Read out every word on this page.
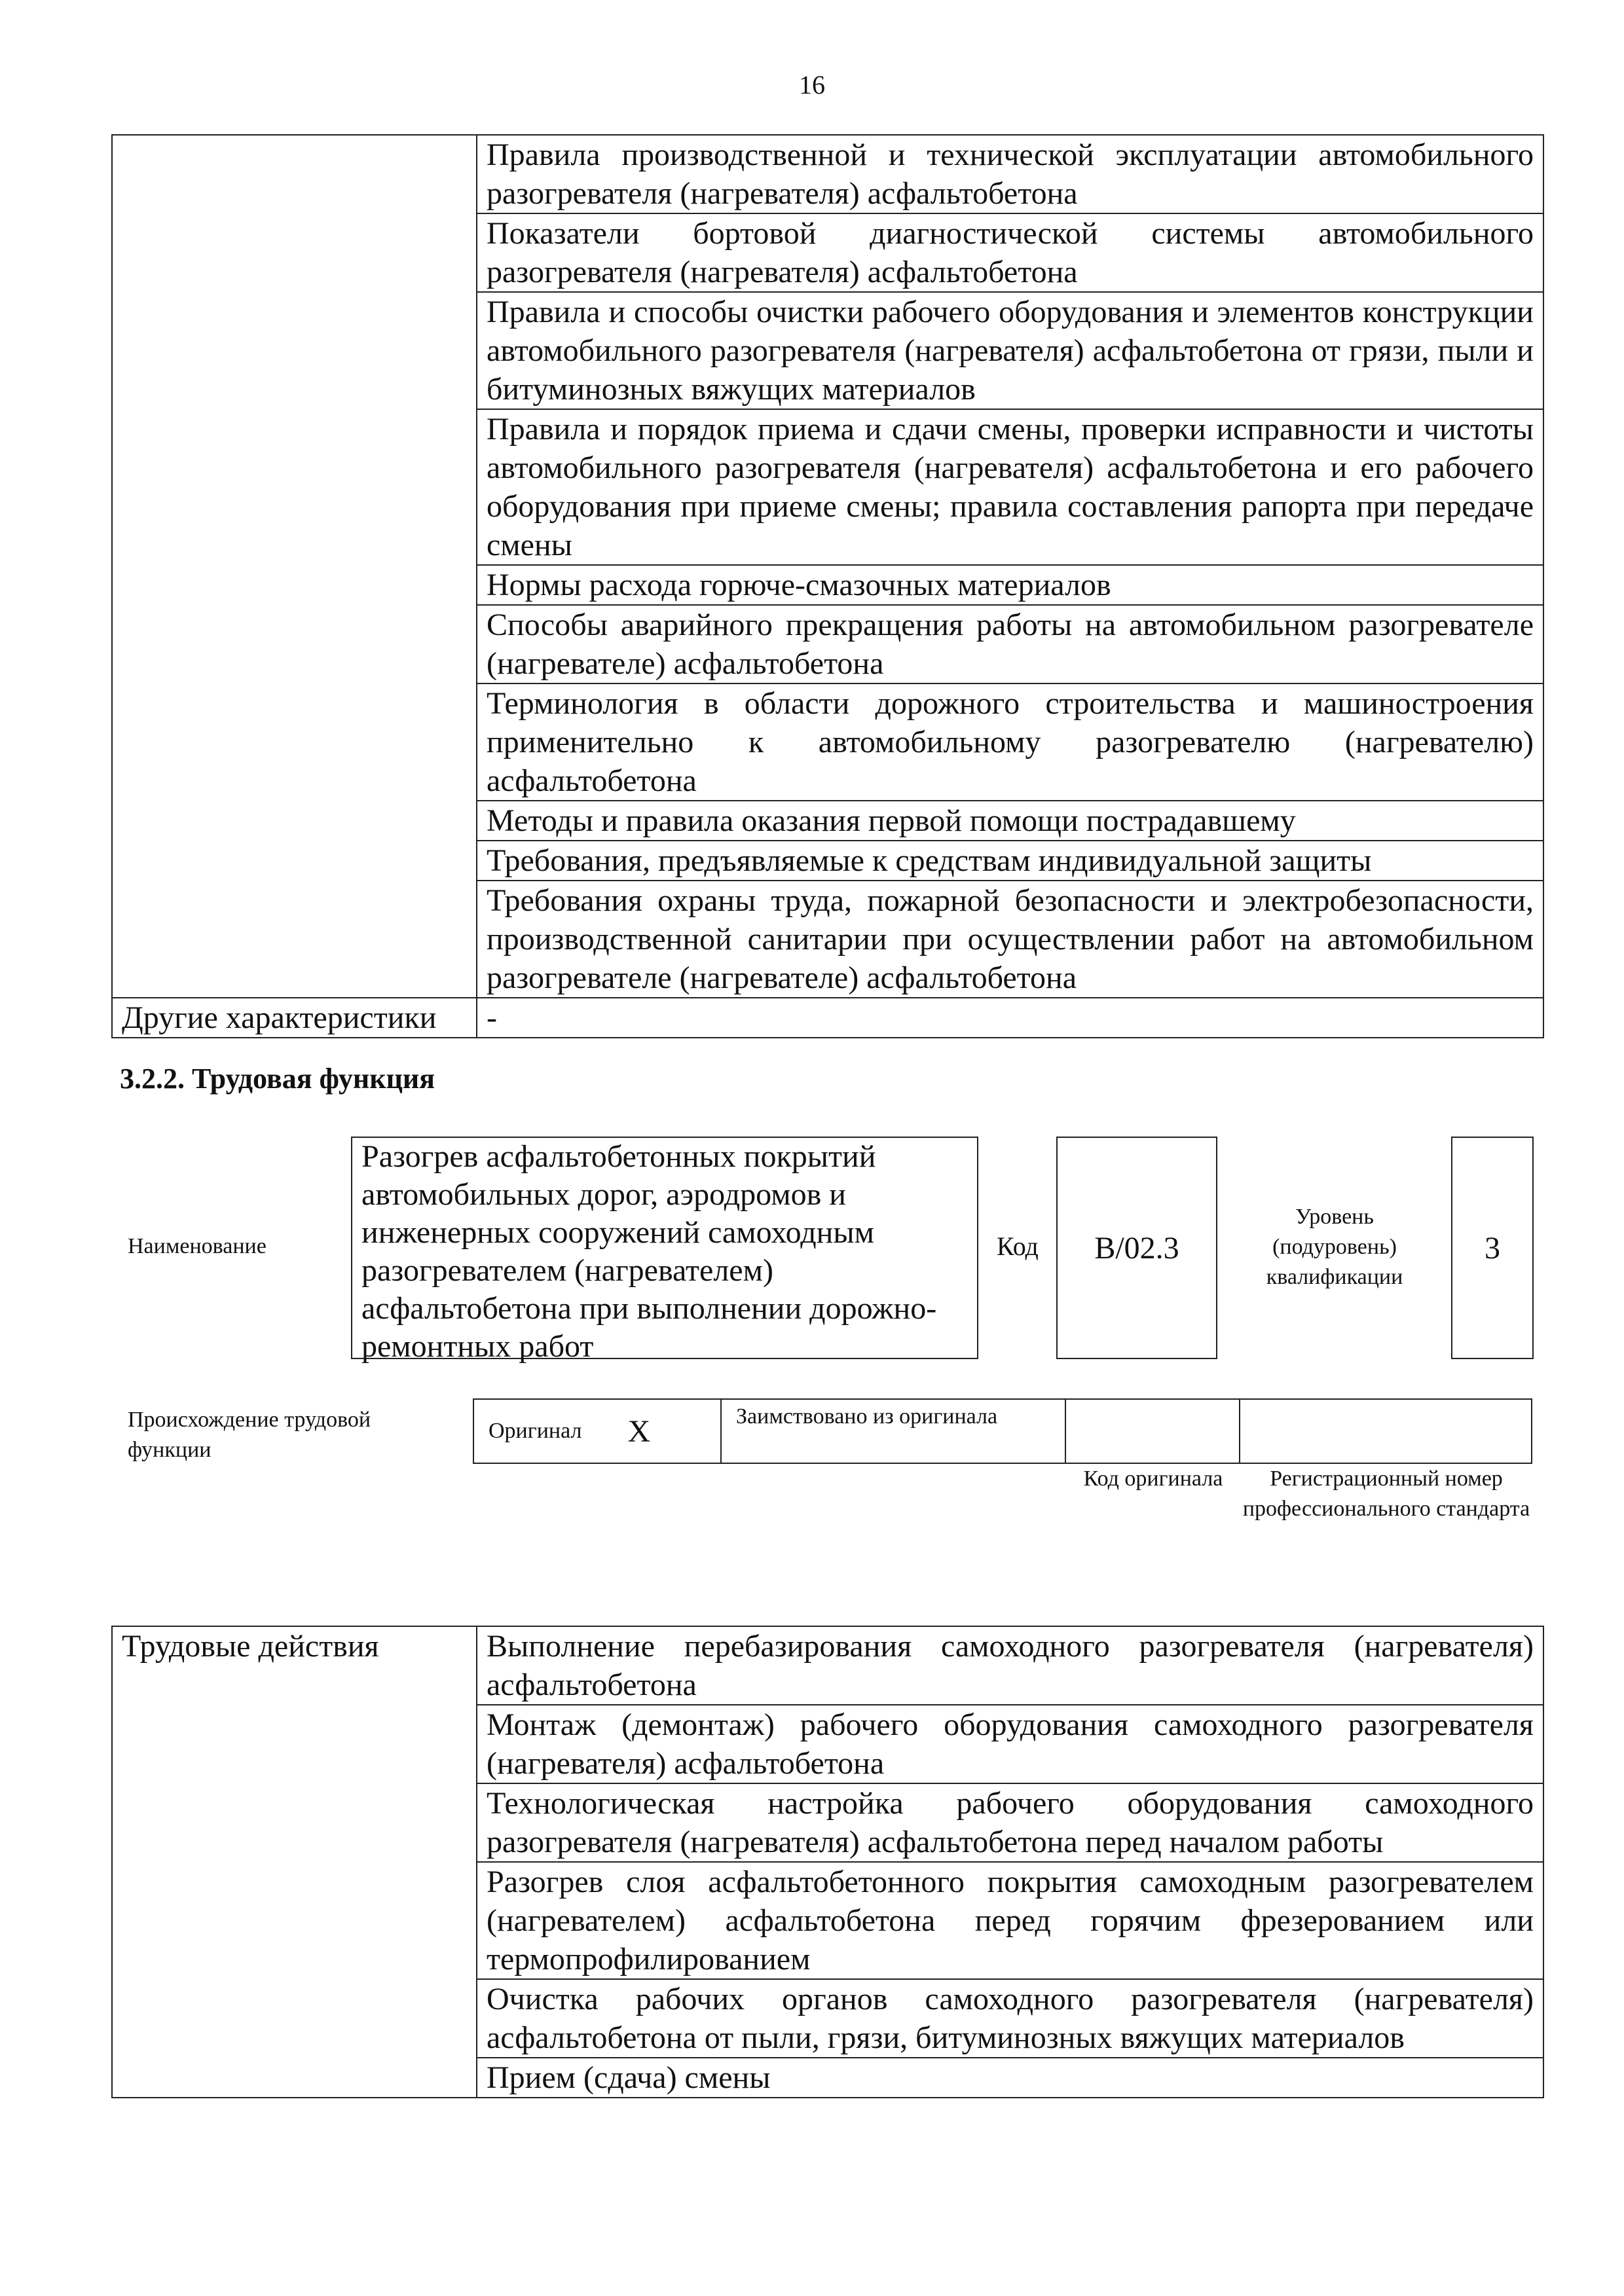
16
	Правила производственной и технической эксплуатации автомобильного разогревателя (нагревателя) асфальтобетона
	Показатели бортовой диагностической системы автомобильного разогревателя (нагревателя) асфальтобетона
	Правила и способы очистки рабочего оборудования и элементов конструкции автомобильного разогревателя (нагревателя) асфальтобетона от грязи, пыли и битуминозных вяжущих материалов
	Правила и порядок приема и сдачи смены, проверки исправности и чистоты автомобильного разогревателя (нагревателя) асфальтобетона и его рабочего оборудования при приеме смены; правила составления рапорта при передаче смены
	Нормы расхода горюче-смазочных материалов
	Способы аварийного прекращения работы на автомобильном разогревателе (нагревателе) асфальтобетона
	Терминология в области дорожного строительства и машиностроения применительно к автомобильному разогревателю (нагревателю) асфальтобетона
	Методы и правила оказания первой помощи пострадавшему
	Требования, предъявляемые к средствам индивидуальной защиты
	Требования охраны труда, пожарной безопасности и электробезопасности, производственной санитарии при осуществлении работ на автомобильном разогревателе (нагревателе) асфальтобетона
Другие характеристики	-
3.2.2. Трудовая функция
Наименование
Разогрев асфальтобетонных покрытий автомобильных дорог, аэродромов и инженерных сооружений самоходным разогревателем (нагревателем) асфальтобетона при выполнении дорожно-ремонтных работ
Код B/02.3
Уровень (подуровень) квалификации
3
Происхождение трудовой функции
Оригинал X	Заимствовано из оригинала
Код оригинала	Регистрационный номер профессионального стандарта
Трудовые действия	Выполнение перебазирования самоходного разогревателя (нагревателя) асфальтобетона
Монтаж (демонтаж) рабочего оборудования самоходного разогревателя (нагревателя) асфальтобетона
Технологическая настройка рабочего оборудования самоходного разогревателя (нагревателя) асфальтобетона перед началом работы
Разогрев слоя асфальтобетонного покрытия самоходным разогревателем (нагревателем) асфальтобетона перед горячим фрезерованием или термопрофилированием
Очистка рабочих органов самоходного разогревателя (нагревателя) асфальтобетона от пыли, грязи, битуминозных вяжущих материалов
Прием (сдача) смены
